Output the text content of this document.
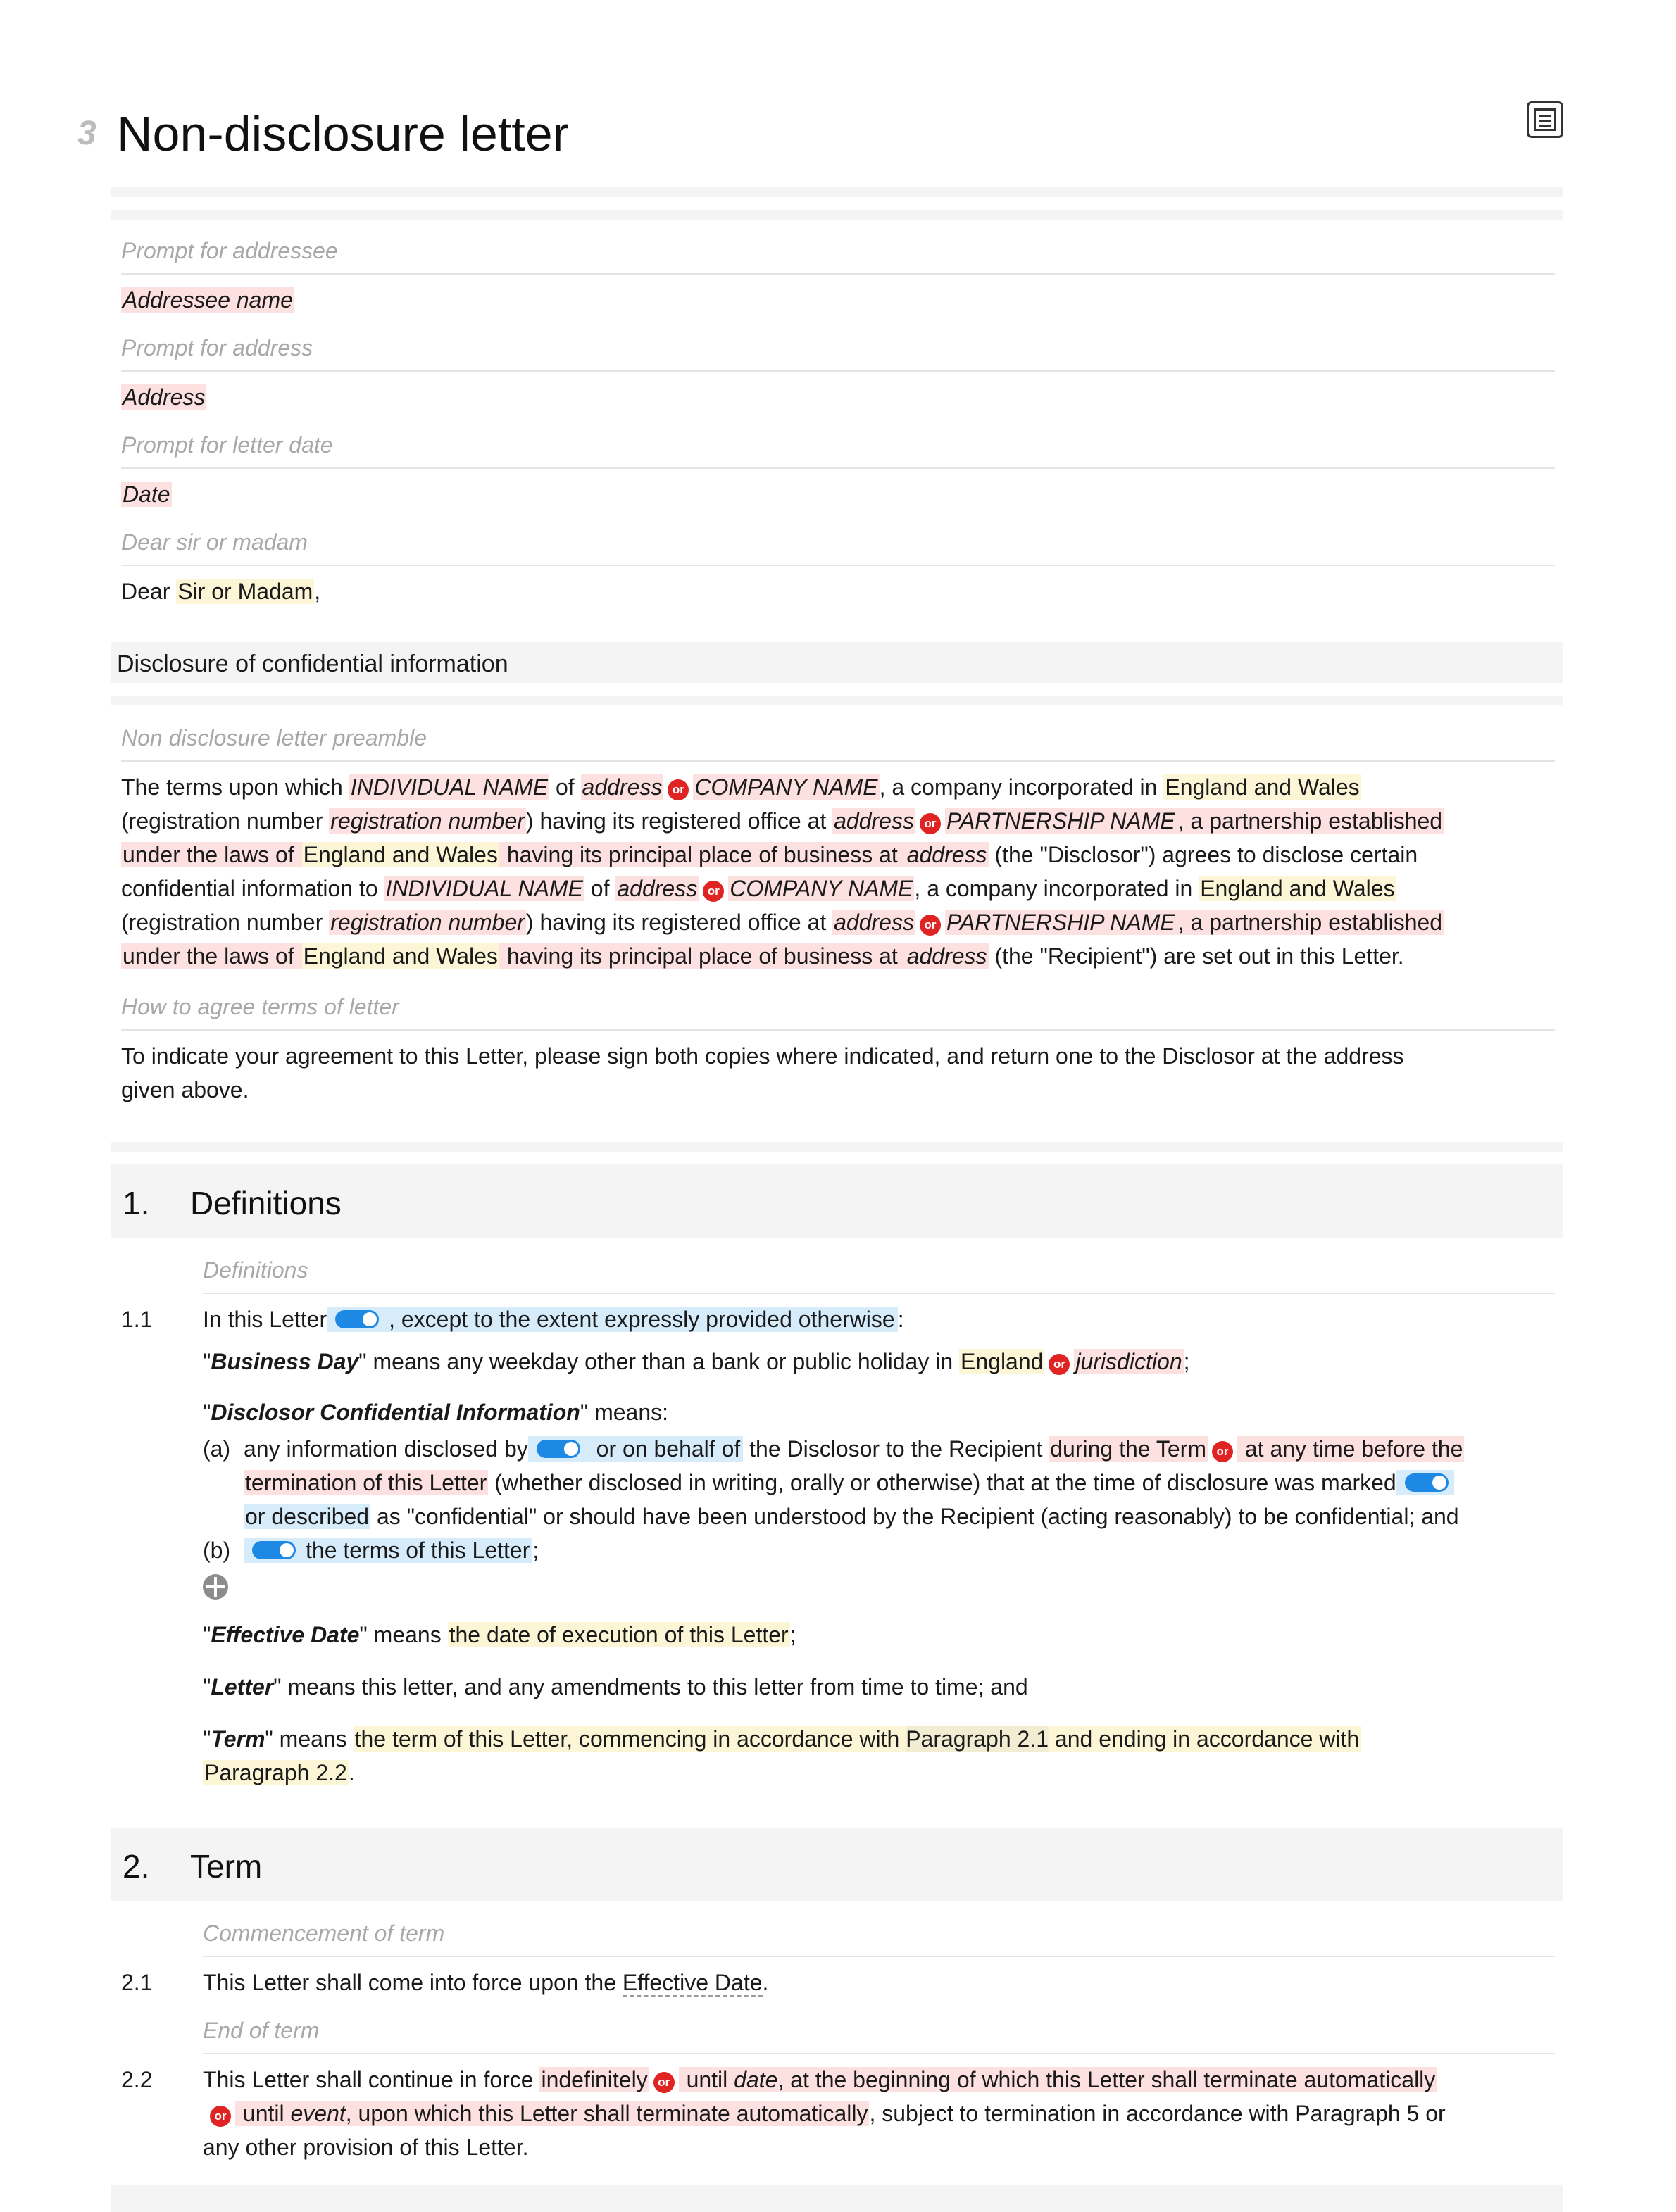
3 Non-disclosure letter
Prompt for addressee
Addressee name
Prompt for address
Address
Prompt for letter date
Date
Dear sir or madam
Dear Sir or Madam,
Disclosure of confidential information
Non disclosure letter preamble
The terms upon which INDIVIDUAL NAME of address or COMPANY NAME, a company incorporated in England and Wales
(registration number registration number) having its registered office at address or PARTNERSHIP NAME , a partnership established
under the laws of England and Wales having its principal place of business at address (the "Disclosor") agrees to disclose certain
confidential information to INDIVIDUAL NAME of address or COMPANY NAME, a company incorporated in England and Wales
(registration number registration number) having its registered office at address or PARTNERSHIP NAME , a partnership established
under the laws of England and Wales having its principal place of business at address (the "Recipient") are set out in this Letter.
How to agree terms of letter
To indicate your agreement to this Letter, please sign both copies where indicated, and return one to the Disclosor at the address
given above.
1. Definitions
Definitions
1.1 In this Letter	, except to the extent expressly provided otherwise :
"Business Day" means any weekday other than a bank or public holiday in England or jurisdiction;
"Disclosor Confidential Information" means:
(a) any information disclosed by	or on behalf of the Disclosor to the Recipient during the Term or at any time before the
termination of this Letter (whether disclosed in writing, orally or otherwise) that at the time of disclosure was marked
or described as "confidential" or should have been understood by the Recipient (acting reasonably) to be confidential; and
(b)	the terms of this Letter ;
"Effective Date" means the date of execution of this Letter;
"Letter" means this letter, and any amendments to this letter from time to time; and
"Term" means the term of this Letter, commencing in accordance with Paragraph 2.1 and ending in accordance with
Paragraph 2.2.
2. Term
Commencement of term
2.1 This Letter shall come into force upon the Effective Date.
End of term
2.2 This Letter shall continue in force indefinitely or until date, at the beginning of which this Letter shall terminate automatically
or until event, upon which this Letter shall terminate automatically, subject to termination in accordance with Paragraph 5 or
any other provision of this Letter.
